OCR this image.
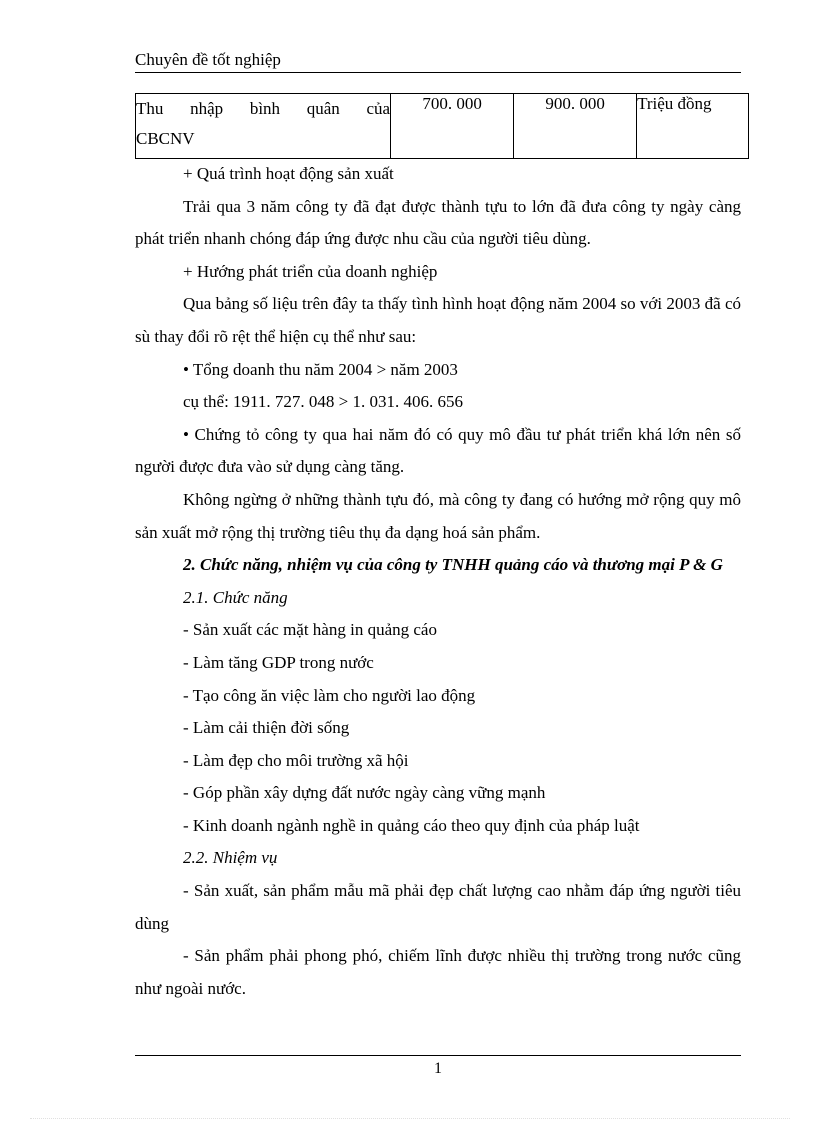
Chuyên đề tốt nghiệp
Thu nhập bình quân của
CBCNV
	700. 000	900. 000	Triệu đồng

+ Quá trình hoạt động sản xuất

Trải qua 3 năm công ty đã đạt được thành tựu to lớn đã đưa công ty ngày càng phát triển nhanh chóng đáp ứng được nhu cầu của người tiêu dùng.

+ Hướng phát triển của doanh nghiệp

Qua bảng số liệu trên đây ta thấy tình hình hoạt động năm 2004 so với 2003 đã có sù thay đổi rõ rệt thể hiện cụ thể như sau:

• Tổng doanh thu năm 2004 > năm 2003

cụ thể: 1911. 727. 048 > 1. 031. 406. 656

• Chứng tỏ công ty qua hai năm đó có quy mô đầu tư phát triển khá lớn nên số người được đưa vào sử dụng càng tăng.

Không ngừng ở những thành tựu đó, mà công ty đang có hướng mở rộng quy mô sản xuất mở rộng thị trường tiêu thụ đa dạng hoá sản phẩm.

2. Chức năng, nhiệm vụ của công ty TNHH quảng cáo và thương mại P & G

2.1. Chức năng

- Sản xuất các mặt hàng in quảng cáo

- Làm tăng GDP trong nước

- Tạo công ăn việc làm cho người lao động

- Làm cải thiện đời sống

- Làm đẹp cho môi trường xã hội

- Góp phần xây dựng đất nước ngày càng vững mạnh

- Kinh doanh ngành nghề in quảng cáo theo quy định của pháp luật

2.2. Nhiệm vụ

- Sản xuất, sản phẩm mẫu mã phải đẹp chất lượng cao nhằm đáp ứng người tiêu dùng

- Sản phẩm phải phong phó, chiếm lĩnh được nhiều thị trường trong nước cũng như ngoài nước.

1
